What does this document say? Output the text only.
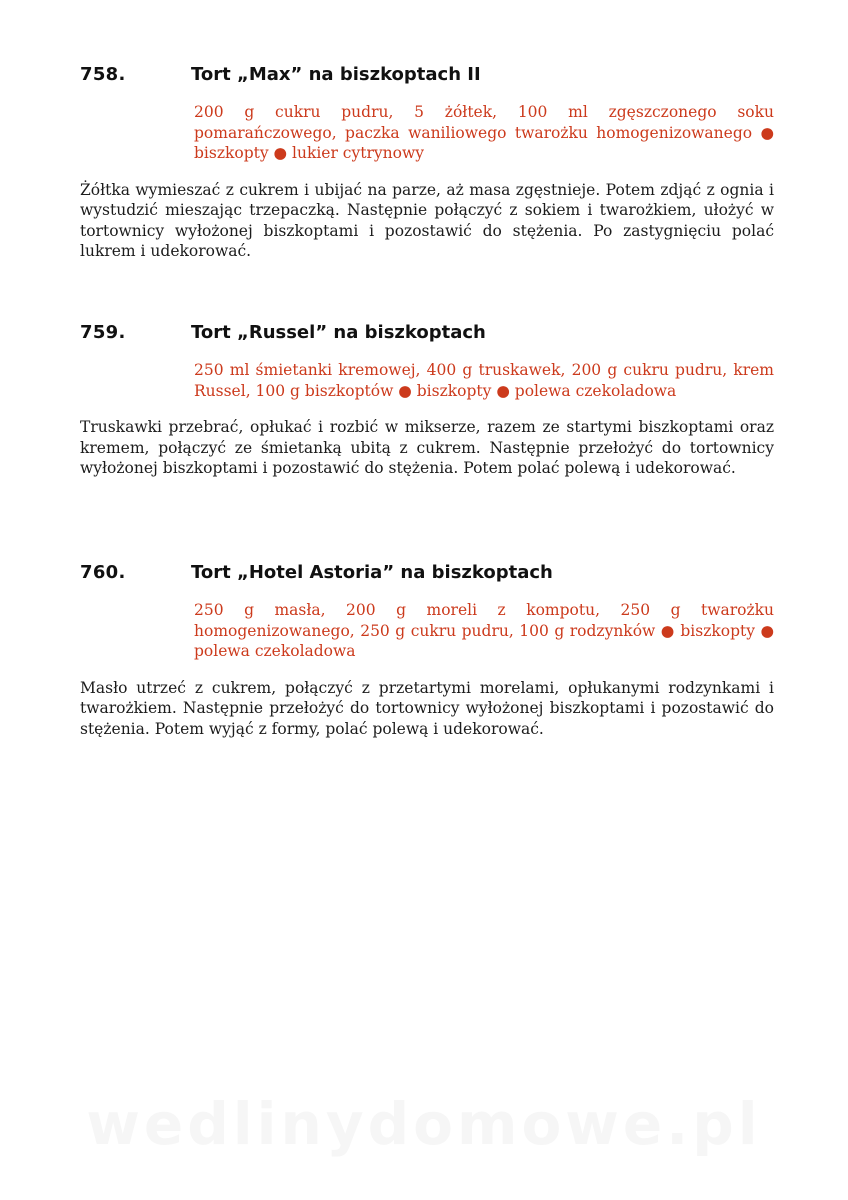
758.	Tort „Max” na biszkoptach II
200 g cukru pudru, 5 żółtek, 100 ml zgęszczonego soku pomarańczowego, paczka waniliowego twarożku homogenizowanego ● biszkopty ● lukier cytrynowy
Żółtka wymieszać z cukrem i ubijać na parze, aż masa zgęstnieje. Potem zdjąć z ognia i wystudzić mieszając trzepaczką. Następnie połączyć z sokiem i twarożkiem, ułożyć w tortownicy wyłożonej biszkoptami i pozostawić do stężenia. Po zastygnięciu polać lukrem i udekorować.
759.	Tort „Russel” na biszkoptach
250 ml śmietanki kremowej, 400 g truskawek, 200 g cukru pudru, krem Russel, 100 g biszkoptów ● biszkopty ● polewa czekoladowa
Truskawki przebrać, opłukać i rozbić w mikserze, razem ze startymi biszkoptami oraz kremem, połączyć ze śmietanką ubitą z cukrem. Następnie przełożyć do tortownicy wyłożonej biszkoptami i pozostawić do stężenia. Potem polać polewą i udekorować.
760.	Tort „Hotel Astoria” na biszkoptach
250 g masła, 200 g moreli z kompotu, 250 g twarożku homogenizowanego, 250 g cukru pudru, 100 g rodzynków ● biszkopty ● polewa czekoladowa
Masło utrzeć z cukrem, połączyć z przetartymi morelami, opłukanymi rodzynkami i twarożkiem. Następnie przełożyć do tortownicy wyłożonej biszkoptami i pozostawić do stężenia. Potem wyjąć z formy, polać polewą i udekorować.
wedlinydomowe.pl
